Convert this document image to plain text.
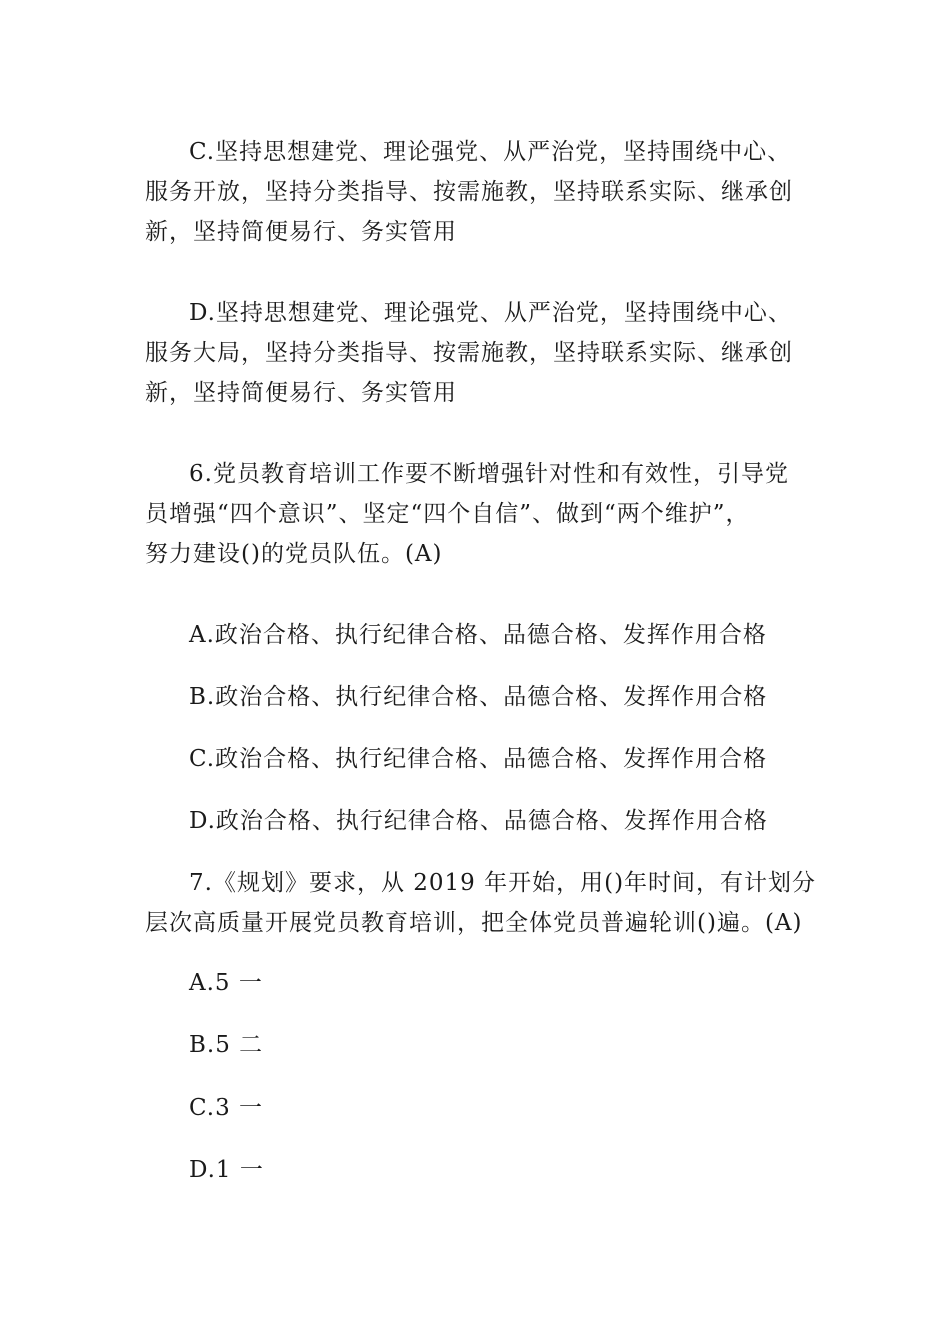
C.坚持思想建党、理论强党、从严治党，坚持围绕中心、
服务开放，坚持分类指导、按需施教，坚持联系实际、继承创
新，坚持简便易行、务实管用
D.坚持思想建党、理论强党、从严治党，坚持围绕中心、
服务大局，坚持分类指导、按需施教，坚持联系实际、继承创
新，坚持简便易行、务实管用
6.党员教育培训工作要不断增强针对性和有效性，引导党
员增强“四个意识”、坚定“四个自信”、做到“两个维护”，
努力建设()的党员队伍。(A)

A.政治合格、执行纪律合格、品德合格、发挥作用合格

B.政治合格、执行纪律合格、品德合格、发挥作用合格

C.政治合格、执行纪律合格、品德合格、发挥作用合格

D.政治合格、执行纪律合格、品德合格、发挥作用合格

7.《规划》要求，从 2019 年开始，用()年时间，有计划分
层次高质量开展党员教育培训，把全体党员普遍轮训()遍。(A)

A.5 一

B.5 二

C.3 一

D.1 一
